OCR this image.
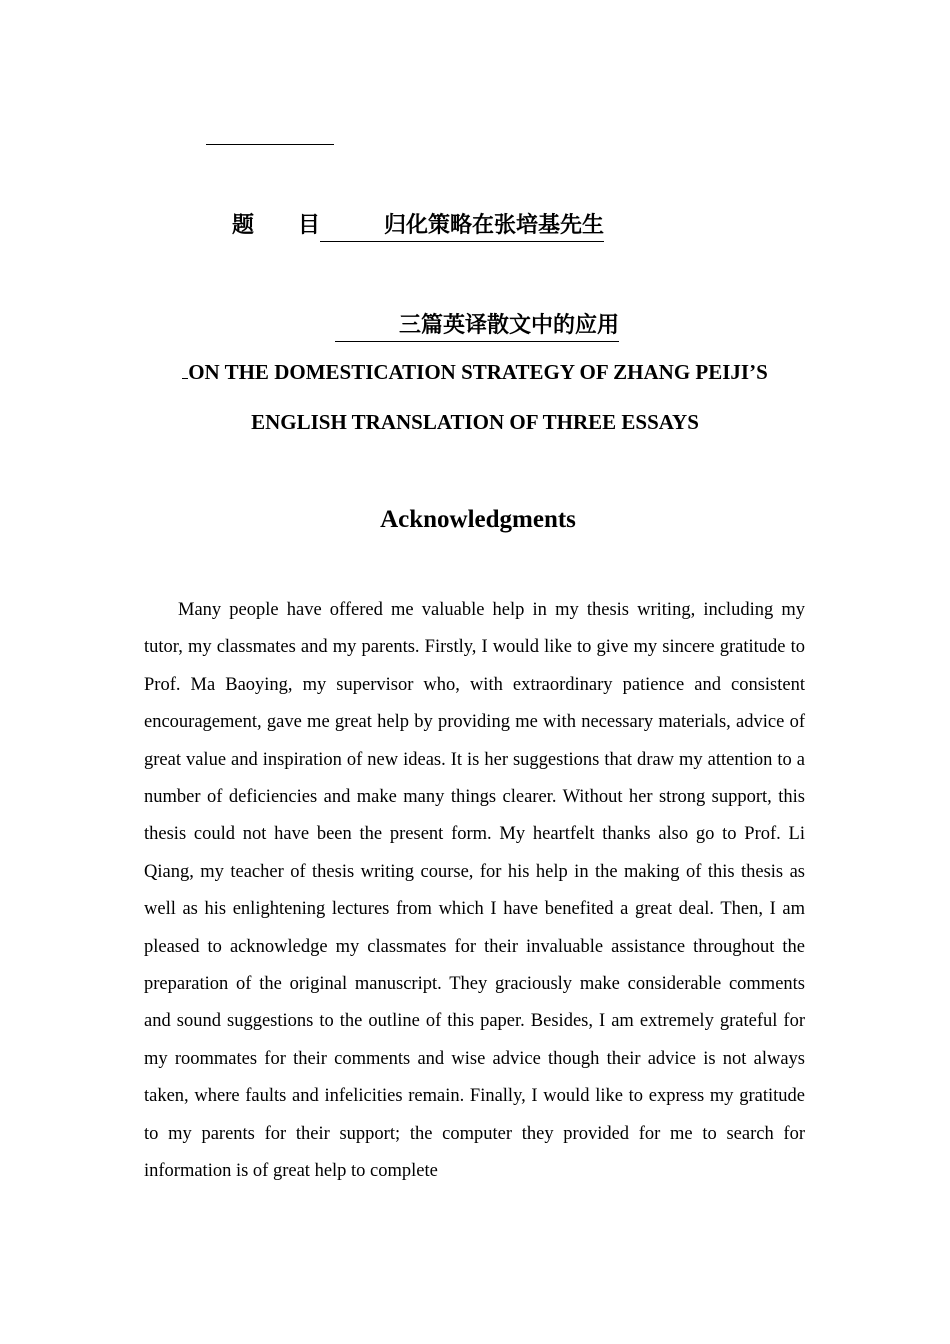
题　　目	归化策略在张培基先生
三篇英译散文中的应用
ON THE DOMESTICATION STRATEGY OF ZHANG PEIJI’S
ENGLISH TRANSLATION OF THREE ESSAYS
Acknowledgments

Many people have offered me valuable help in my thesis writing, including my tutor, my classmates and my parents. Firstly, I would like to give my sincere gratitude to Prof. Ma Baoying, my supervisor who, with extraordinary patience and consistent encouragement, gave me great help by providing me with necessary materials, advice of great value and inspiration of new ideas. It is her suggestions that draw my attention to a number of deficiencies and make many things clearer. Without her strong support, this thesis could not have been the present form. My heartfelt thanks also go to Prof. Li Qiang, my teacher of thesis writing course, for his help in the making of this thesis as well as his enlightening lectures from which I have benefited a great deal. Then, I am pleased to acknowledge my classmates for their invaluable assistance throughout the preparation of the original manuscript. They graciously make considerable comments and sound suggestions to the outline of this paper. Besides, I am extremely grateful for my roommates for their comments and wise advice though their advice is not always taken, where faults and infelicities remain. Finally, I would like to express my gratitude to my parents for their support; the computer they provided for me to search for information is of great help to complete
